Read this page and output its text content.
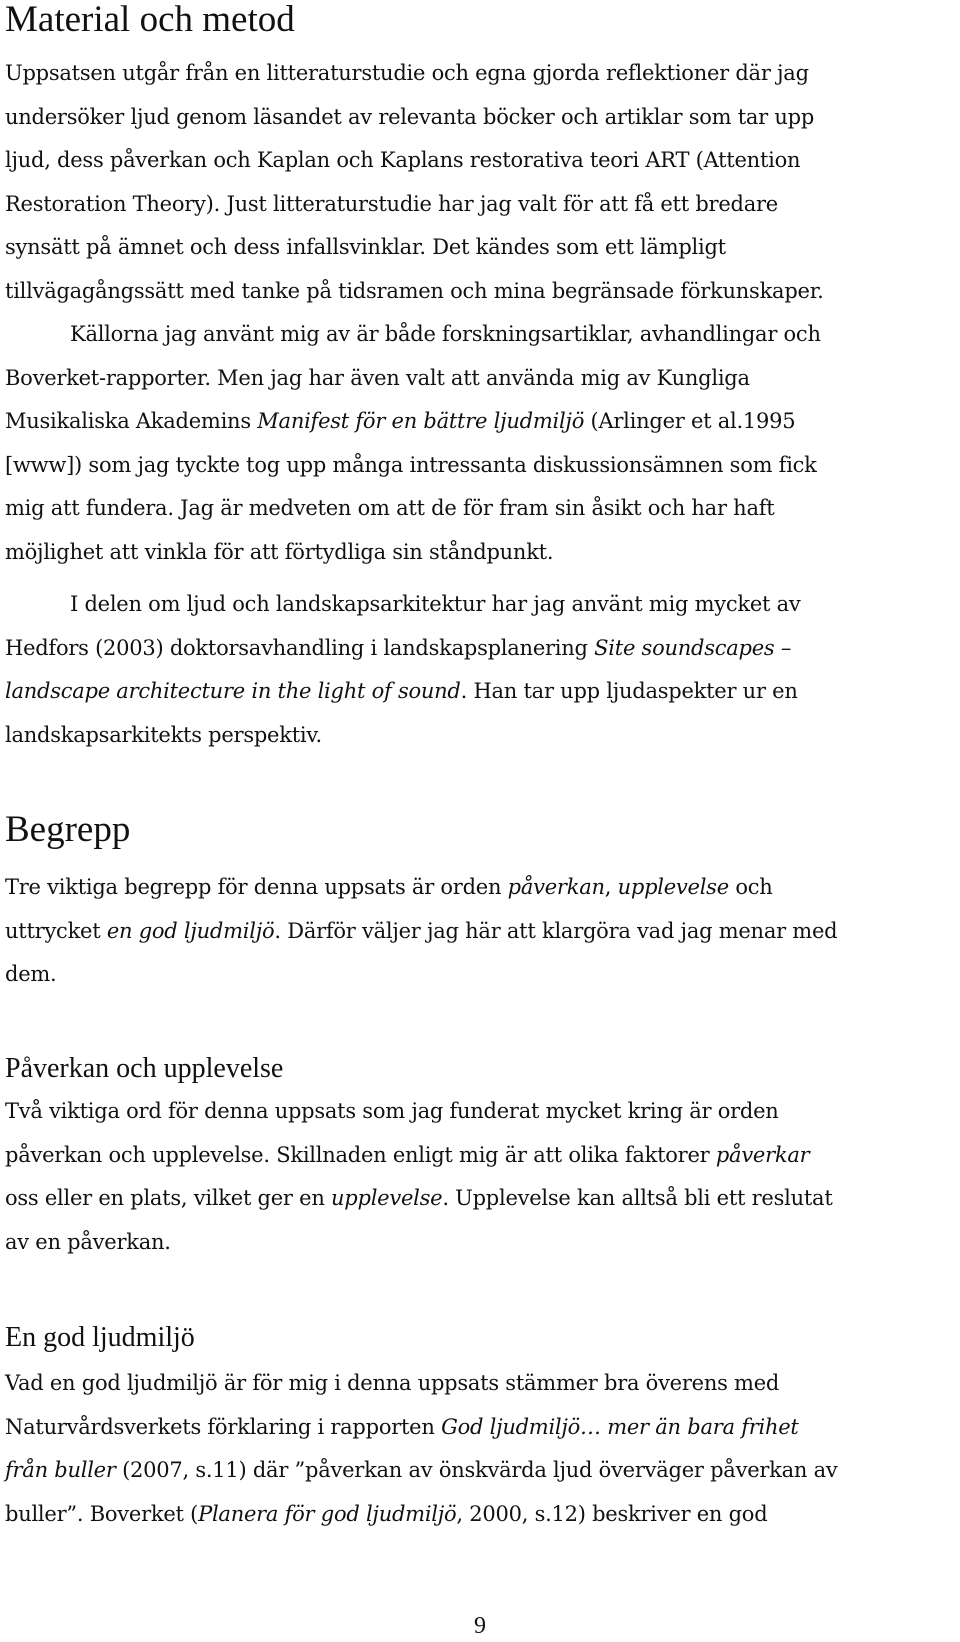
Material och metod

Uppsatsen utgår från en litteraturstudie och egna gjorda reflektioner där jag
undersöker ljud genom läsandet av relevanta böcker och artiklar som tar upp
ljud, dess påverkan och Kaplan och Kaplans restorativa teori ART (Attention
Restoration Theory). Just litteraturstudie har jag valt för att få ett bredare
synsätt på ämnet och dess infallsvinklar. Det kändes som ett lämpligt
tillvägagångssätt med tanke på tidsramen och mina begränsade förkunskaper.
Källorna jag använt mig av är både forskningsartiklar, avhandlingar och
Boverket-rapporter. Men jag har även valt att använda mig av Kungliga
Musikaliska Akademins Manifest för en bättre ljudmiljö (Arlinger et al.1995
[www]) som jag tyckte tog upp många intressanta diskussionsämnen som fick
mig att fundera. Jag är medveten om att de för fram sin åsikt och har haft
möjlighet att vinkla för att förtydliga sin ståndpunkt.

I delen om ljud och landskapsarkitektur har jag använt mig mycket av
Hedfors (2003) doktorsavhandling i landskapsplanering Site soundscapes –
landscape architecture in the light of sound. Han tar upp ljudaspekter ur en
landskapsarkitekts perspektiv.

Begrepp

Tre viktiga begrepp för denna uppsats är orden påverkan, upplevelse och
uttrycket en god ljudmiljö. Därför väljer jag här att klargöra vad jag menar med
dem.

Påverkan och upplevelse

Två viktiga ord för denna uppsats som jag funderat mycket kring är orden
påverkan och upplevelse. Skillnaden enligt mig är att olika faktorer påverkar
oss eller en plats, vilket ger en upplevelse. Upplevelse kan alltså bli ett reslutat
av en påverkan.

En god ljudmiljö

Vad en god ljudmiljö är för mig i denna uppsats stämmer bra överens med
Naturvårdsverkets förklaring i rapporten God ljudmiljö… mer än bara frihet
från buller (2007, s.11) där ”påverkan av önskvärda ljud överväger påverkan av
buller”. Boverket (Planera för god ljudmiljö, 2000, s.12) beskriver en god

9
